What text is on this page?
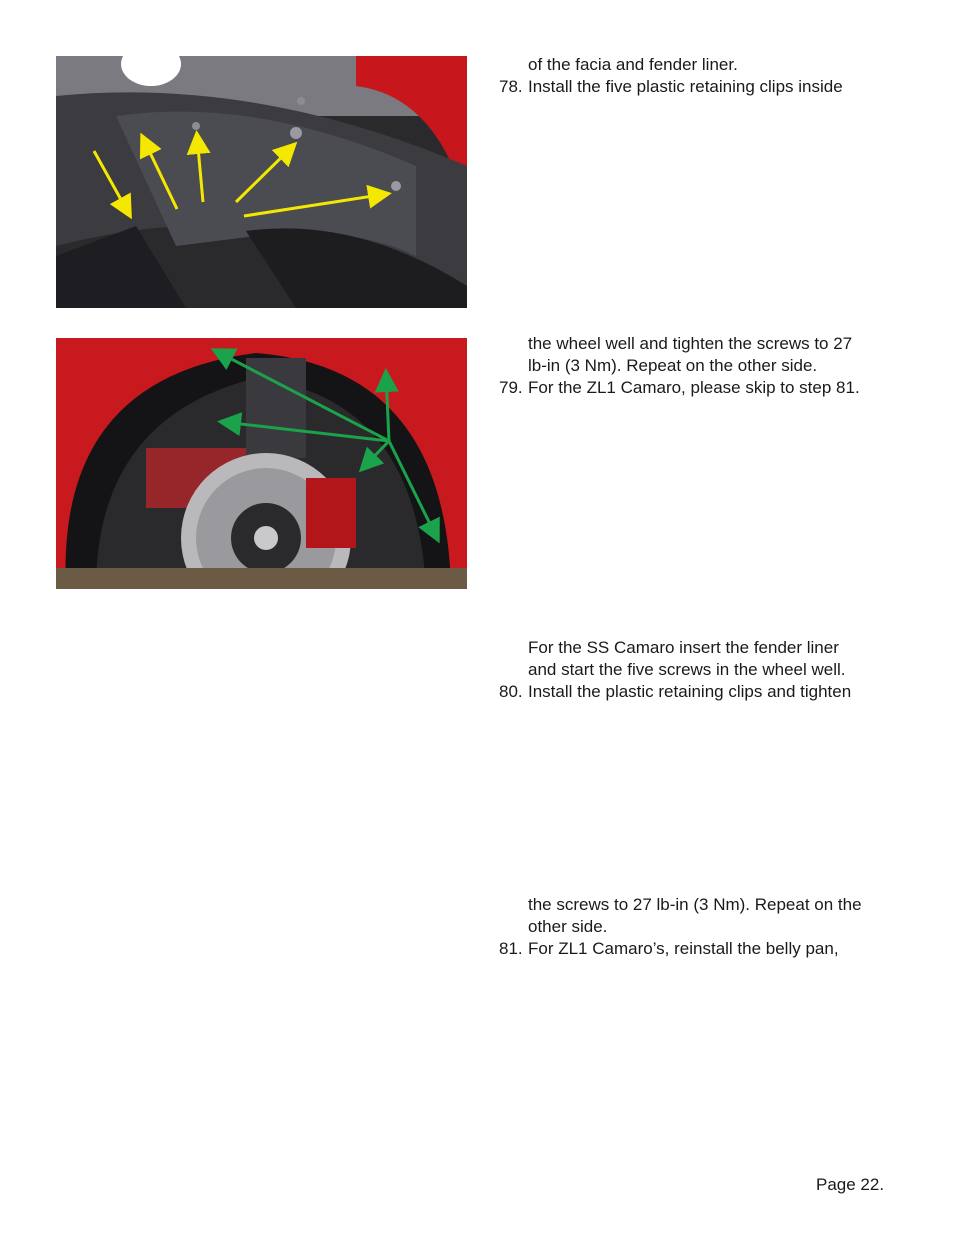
of the facia and fender liner.
78. Install the five plastic retaining clips inside
the wheel well and tighten the screws to 27
lb-in (3 Nm). Repeat on the other side.
79. For the ZL1 Camaro, please skip to step 81.
For the SS Camaro insert the fender liner
and start the five screws in the wheel well.
80. Install the plastic retaining clips and tighten
the screws to 27 lb-in (3 Nm). Repeat on the
other side.
81. For ZL1 Camaro’s, reinstall the belly pan,
Page 22.
